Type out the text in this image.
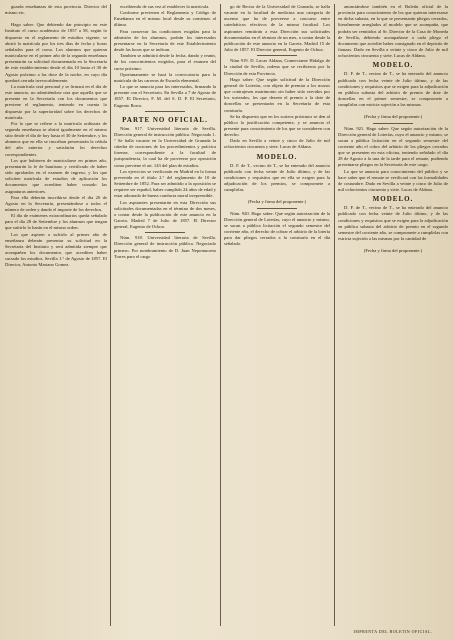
guarda enseñanzas de esta provincia. Director del mismo etc.

Hago saber: Que debiendo dar principio en este Instituto el curso académico de 1857 a 58, según lo dispuesto en el reglamento de estudios vigente, se abrirá la matrícula por los tres días de fecha y horas señalados para el curso. Los alumnos que quieran matricularse en el primer año de la segunda enseñanza presentarán su solicitud documentada en la Secretaría de este establecimiento desde el día 10 hasta el 30 de Agosto próximo a las doce de la noche, en cuyo día quedará cerrada irrevocablemente.

La matrícula será personal y se firmará en el día de este anuncio, no admitiéndose otra que aquella que se presente en la Secretaría con los documentos que previene el reglamento, teniendo en cuenta lo dispuesto por la superioridad sobre los derechos de matrícula.

Por lo que se refiere a la matrícula ordinaria de segunda enseñanza se abrirá igualmente en el mismo sitio desde el día de hoy hasta el 30 de Setiembre, y los alumnos que en ella se inscriban presentarán la cédula del año anterior y satisfarán los derechos correspondientes.

Los que hubieren de matricularse en primer año, presentarán la fe de bautismo y certificado de haber sido aprobados en el examen de ingreso, y los que soliciten matrícula de estudios de aplicación los documentos que acrediten haber cursado las asignaturas anteriores.

Para ella deberán inscribirse desde el día 20 de Agosto en la Secretaría, presentándose a todos el número de orden y dando el importe de los derechos.

El día de exámenes extraordinarios queda señalado para el día 28 de Setiembre y los alumnos que tengan que sufrirlo lo harán en el mismo orden.

Los que aspiren a sufrirlo al primer año de enseñanza deberán presentar su solicitud en la Secretaría del Instituto y será admitida siempre que acompañen los documentos que acrediten haber cursado los estudios. Sevilla 1.° de Agosto de 1857. El Director, Antonio Mariano Gomez.

escribiendo de sus vez al establecer la matrícula.

Conforme previenen el Reglamento y Código de Enseñanza en el mismo local desde su comienzo al último.

Para conservar las condiciones exigidas para la admisión de los alumnos, podrán los interesados presentarse en la Secretaría de este Establecimiento desde las horas que se indican.

Tambien se admitirá desde la fecha, dando y reunir, de los conocimientos exigidos, para el examen del curso próximo.

Oportunamente se hará la convocatoria para la matrícula de las carreras de Escuela elemental.

Lo que se anuncia para los interesados, firmando la presente con el Secretario. En Sevilla a 7 de Agosto de 1857. El Director, F. M. del S. D. P. El Secretario, Eugenio Borra.

PARTE NO OFICIAL.

Núm. 917. Universidad literaria de Sevilla. Dirección general de instrucción pública. Negociado 1.° Se halla vacante en la Universidad de Granada la cátedra de nociones de los procedimientos y práctica forense, correspondiente a la facultad de jurisprudencia, la cual ha de proveerse por oposición como previene el art. 143 del plan de estudios.

Los ejercicios se verificarán en Madrid en la forma prevenida en el título 2.° del reglamento de 10 de Setiembre de 1852. Para ser admitido a la oposición se requiere ser español, haber cumplido 24 años de edad y estar adornado de buena conducta moral irreprensible.

Los aspirantes presentarán en esta Dirección sus solicitudes documentadas en el término de dos meses, a contar desde la publicación de este anuncio en la Gaceta. Madrid 7 de Julio de 1857. El Director general, Eugenio de Ochoa.

Núm. 918. Universidad literaria de Sevilla. Dirección general de instrucción pública. Negociado primero. Por nombramiento de D. Juan Nepomuceno Torres para el cargo

go de Rector de la Universidad de Granada, se halla vacante en la facultad de medicina una categoría de ascenso que ha de proveerse a concurso entre catedráticos efectivos de la misma facultad. Los aspirantes remitirán a esta Dirección sus solicitudes documentadas en el término de un mes, a contar desde la publicación de este anuncio en la Gaceta. Madrid 15 de Julio de 1857. El Director general, Eugenio de Ochoa.

Núm 919. D. Lucas Aldana, Comerciante Hidalgo de la ciudad de Sevilla, ordena que se recibieron por la Dirección de esta Provincia.

Hago saber: Que según solicitud de la Dirección general de Loterías, con objeto de premiar a los mozos que contrajesen matrimonio sin haber sido servidos por los sorteados, los que deseen el premio a la dote de doncellas se presentarán en la Secretaría de esta comisaría.

Se ha dispuesto que en los sorteos próximos se den al público la justificación competente, y se anuncia el presente para conocimiento de los que se consideren con derecho.

Dado en Sevilla a veinte y cinco de Julio de mil ochocientos cincuenta y siete. Lucas de Aldana.

MODELO.

D. F. de T., vecino de T., se ha enterado del anuncio publicado con fecha veinte de Julio último, y de las condiciones y requisitos que en ella se exigen para la adjudicación de los premios, se compromete a cumplirlas.

(Fecha y firma del proponente.)

Núm. 920. Hago saber: Que según autorización de la Dirección general de Loterías, cuyo el anuncio y mismo, se sacan a pública licitación el segundo semestre del corriente año, el derecho de cobrar el arbitrio de la lotería para dar pliegos cerrados a la comisaría en el día señalado.

anunciándose también en el Boletín oficial de la provincia para conocimiento de los que quieran interesarse en dicha subasta, en la que se presentarán pliegos cerrados, literalmente arreglados al modelo que se acompaña, que podrán ser remitidos al Sr. Director de la Casa de Moneda de Sevilla, debiendo acompañarse a cada pliego el documento que acredite haber consignado en el depósito de fianzas. Dado en Sevilla a veinte y cinco de Julio de mil ochocientos cincuenta y siete. Lucas de Aldana.

MODELO.

D. F. de T., vecino de T., se ha enterado del anuncio publicado con fecha veinte de Julio último, y de las condiciones y requisitos que se exigen para la adjudicación en pública subasta del arbitrio de premio de dote de doncellas en el primer semestre, se compromete a cumplirlas con estricta sujeción a las mismas.

(Fecha y firma del proponente.)

Núm. 921. Hago saber: Que según autorización de la Dirección general de Loterías, cuyo el anuncio y mismo, se sacan a pública licitación en el segundo semestre del corriente año el cobro del arbitrio de los pliegos cerrados que se presenten en esta oficina, teniendo señalado el día 28 de Agosto a la una de la tarde para el remate, pudiendo presentarse pliegos en la Secretaría de este cargo.

Lo que se anuncia para conocimiento del público y se hace saber que el remate se verificará con las formalidades de costumbre. Dado en Sevilla a veinte y cinco de Julio de mil ochocientos cincuenta y siete. Lucas de Aldana.

MODELO.

D. F. de T., vecino de T., se ha enterado del anuncio publicado con fecha veinte de Julio último, y de las condiciones y requisitos que se exigen para la adjudicación en pública subasta del arbitrio de premio en el segundo semestre del corriente año, se compromete a cumplirlas con estricta sujeción a las mismas por la cantidad de

(Fecha y firma del proponente.)

IMPRENTA DEL BOLETIN OFICIAL.
